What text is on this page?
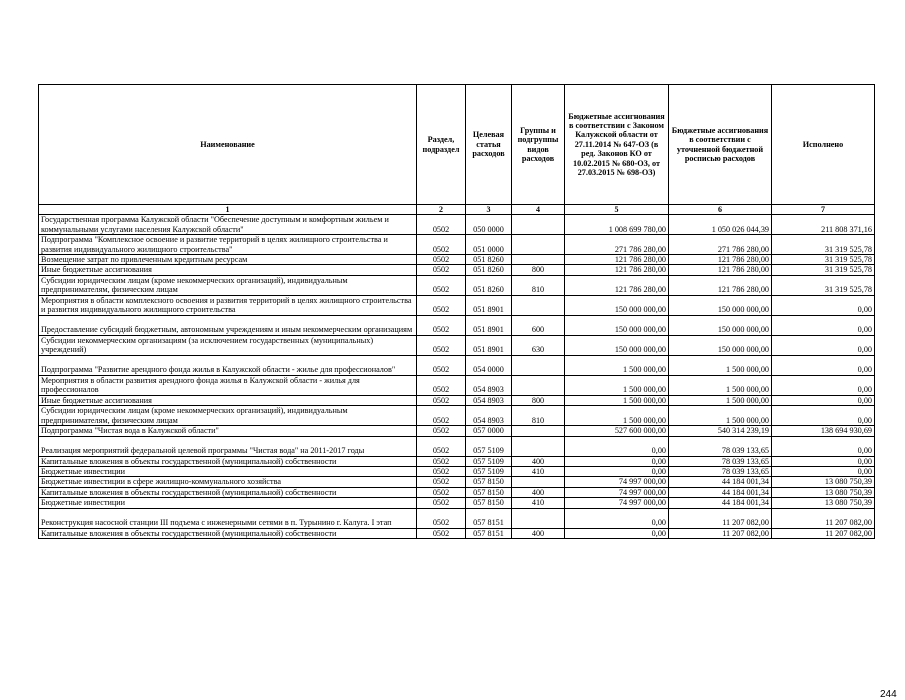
Наименование	Раздел, подраздел	Целевая статья расходов	Группы и подгруппы видов расходов	Бюджетные ассигнования в соответствии с Законом Калужской области от 27.11.2014 № 647-ОЗ (в ред. Законов КО от 10.02.2015 № 680-ОЗ, от 27.03.2015 № 698-ОЗ)	Бюджетные ассигнования в соответствии с уточненной бюджетной росписью расходов	Исполнено
1	2	3	4	5	6	7
Государственная программа Калужской области "Обеспечение доступным и комфортным жильем и коммунальными услугами населения Калужской области"	0502	050 0000		1 008 699 780,00	1 050 026 044,39	211 808 371,16
Подпрограмма "Комплексное освоение и развитие территорий в целях жилищного строительства и развития индивидуального жилищного строительства"	0502	051 0000		271 786 280,00	271 786 280,00	31 319 525,78
Возмещение затрат по привлеченным кредитным ресурсам	0502	051 8260		121 786 280,00	121 786 280,00	31 319 525,78
Иные бюджетные ассигнования	0502	051 8260	800	121 786 280,00	121 786 280,00	31 319 525,78
Субсидии юридическим лицам (кроме некоммерческих организаций), индивидуальным предпринимателям, физическим лицам	0502	051 8260	810	121 786 280,00	121 786 280,00	31 319 525,78
Мероприятия в области комплексного освоения и развития территорий в целях жилищного строительства и развития индивидуального жилищного строительства	0502	051 8901		150 000 000,00	150 000 000,00	0,00
Предоставление субсидий бюджетным, автономным учреждениям и иным некоммерческим организациям	0502	051 8901	600	150 000 000,00	150 000 000,00	0,00
Субсидии некоммерческим организациям (за исключением государственных (муниципальных) учреждений)	0502	051 8901	630	150 000 000,00	150 000 000,00	0,00
Подпрограмма "Развитие арендного фонда жилья в Калужской области - жилье для профессионалов"	0502	054 0000		1 500 000,00	1 500 000,00	0,00
Мероприятия в области развития арендного фонда жилья в Калужской области - жилья для профессионалов	0502	054 8903		1 500 000,00	1 500 000,00	0,00
Иные бюджетные ассигнования	0502	054 8903	800	1 500 000,00	1 500 000,00	0,00
Субсидии юридическим лицам (кроме некоммерческих организаций), индивидуальным предпринимателям, физическим лицам	0502	054 8903	810	1 500 000,00	1 500 000,00	0,00
Подпрограмма "Чистая вода в Калужской области"	0502	057 0000		527 600 000,00	540 314 239,19	138 694 930,69
Реализация мероприятий федеральной целевой программы "Чистая вода" на 2011-2017 годы	0502	057 5109		0,00	78 039 133,65	0,00
Капитальные вложения в объекты государственной (муниципальной) собственности	0502	057 5109	400	0,00	78 039 133,65	0,00
Бюджетные инвестиции	0502	057 5109	410	0,00	78 039 133,65	0,00
Бюджетные инвестиции в сфере жилищно-коммунального хозяйства	0502	057 8150		74 997 000,00	44 184 001,34	13 080 750,39
Капитальные вложения в объекты государственной (муниципальной) собственности	0502	057 8150	400	74 997 000,00	44 184 001,34	13 080 750,39
Бюджетные инвестиции	0502	057 8150	410	74 997 000,00	44 184 001,34	13 080 750,39
Реконструкция насосной станции III подъема с инженерными сетями в п. Турынино г. Калуга. I этап	0502	057 8151		0,00	11 207 082,00	11 207 082,00
Капитальные вложения в объекты государственной (муниципальной) собственности	0502	057 8151	400	0,00	11 207 082,00	11 207 082,00
244
